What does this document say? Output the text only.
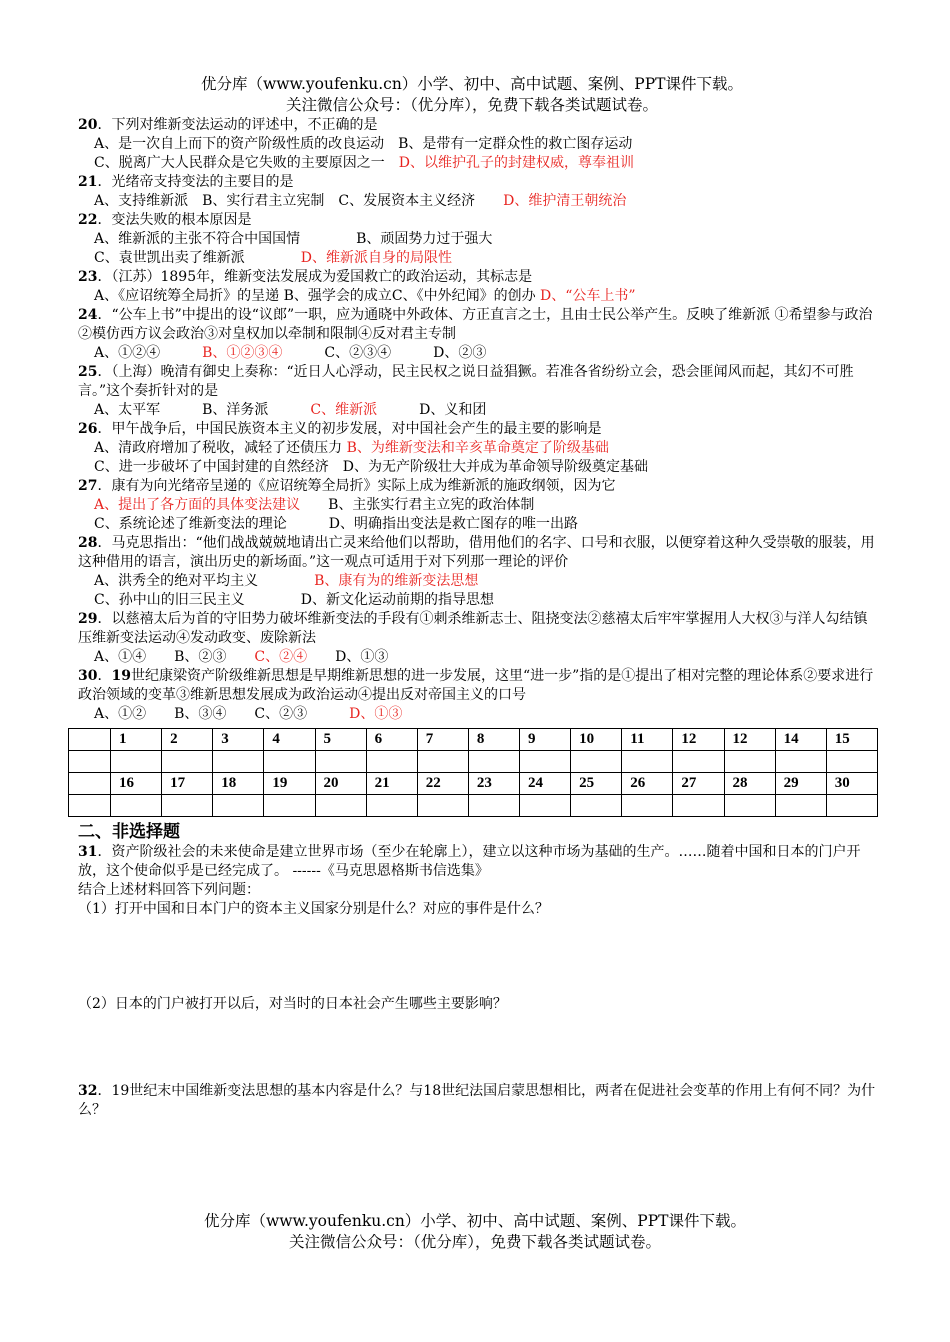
优分库（www.youfenku.cn）小学、初中、高中试题、案例、PPT课件下载。
关注微信公众号：（优分库），免费下载各类试题试卷。
20．下列对维新变法运动的评述中，不正确的是
A、是一次自上而下的资产阶级性质的改良运动 B、是带有一定群众性的救亡图存运动
C、脱离广大人民群众是它失败的主要原因之一 D、以维护孔子的封建权威，尊奉祖训
21．光绪帝支持变法的主要目的是
A、支持维新派 B、实行君主立宪制 C、发展资本主义经济 D、维护清王朝统治
22．变法失败的根本原因是
A、维新派的主张不符合中国国情	B、顽固势力过于强大
C、袁世凯出卖了维新派	D、维新派自身的局限性
23．（江苏）1895年，维新变法发展成为爱国救亡的政治运动，其标志是
A、《应诏统筹全局折》的呈递 B、强学会的成立C、《中外纪闻》的创办 D、“公车上书”
24．“公车上书”中提出的设“议郎”一职，应为通晓中外政体、方正直言之士，且由士民公举产生。反映了维新派 ①希望参与政治②模仿西方议会政治③对皇权加以牵制和限制④反对君主专制
A、①②④	B、①②③④	C、②③④	D、②③
25．（上海）晚清有御史上奏称：“近日人心浮动，民主民权之说日益猖獗。若准各省纷纷立会，恐会匪闻风而起，其幻不可胜言。”这个奏折针对的是
A、太平军	B、洋务派	C、维新派	D、义和团
26．甲午战争后，中国民族资本主义的初步发展，对中国社会产生的最主要的影响是
A、清政府增加了税收，减轻了还债压力 B、为维新变法和辛亥革命奠定了阶级基础
C、进一步破坏了中国封建的自然经济 D、为无产阶级壮大并成为革命领导阶级奠定基础
27．康有为向光绪帝呈递的《应诏统筹全局折》实际上成为维新派的施政纲领，因为它
A、提出了各方面的具体变法建议 B、主张实行君主立宪的政治体制
C、系统论述了维新变法的理论	D、明确指出变法是救亡图存的唯一出路
28．马克思指出：“他们战战兢兢地请出亡灵来给他们以帮助，借用他们的名字、口号和衣服，以便穿着这种久受崇敬的服装，用这种借用的语言，演出历史的新场面。”这一观点可适用于对下列那一理论的评价
A、洪秀全的绝对平均主义	B、康有为的维新变法思想
C、孙中山的旧三民主义	D、新文化运动前期的指导思想
29．以慈禧太后为首的守旧势力破坏维新变法的手段有①刺杀维新志士、阻挠变法②慈禧太后牢牢掌握用人大权③与洋人勾结镇压维新变法运动④发动政变、废除新法
A、①④ B、②③ C、②④ D、①③
30．19世纪康梁资产阶级维新思想是早期维新思想的进一步发展，这里“进一步”指的是①提出了相对完整的理论体系②要求进行政治领域的变革③维新思想发展成为政治运动④提出反对帝国主义的口号
A、①② B、③④ C、②③	D、①③
	1	2	3	4	5	6	7	8	9	10	11	12	12	14	15

	16	17	18	19	20	21	22	23	24	25	26	27	28	29	30

二、非选择题
31．资产阶级社会的未来使命是建立世界市场（至少在轮廓上），建立以这种市场为基础的生产。……随着中国和日本的门户开放，这个使命似乎是已经完成了。 ------《马克思恩格斯书信选集》
结合上述材料回答下列问题：
（1）打开中国和日本门户的资本主义国家分别是什么？对应的事件是什么？
（2）日本的门户被打开以后，对当时的日本社会产生哪些主要影响？
32．19世纪末中国维新变法思想的基本内容是什么？与18世纪法国启蒙思想相比，两者在促进社会变革的作用上有何不同？为什么？
优分库（www.youfenku.cn）小学、初中、高中试题、案例、PPT课件下载。
关注微信公众号：（优分库），免费下载各类试题试卷。
